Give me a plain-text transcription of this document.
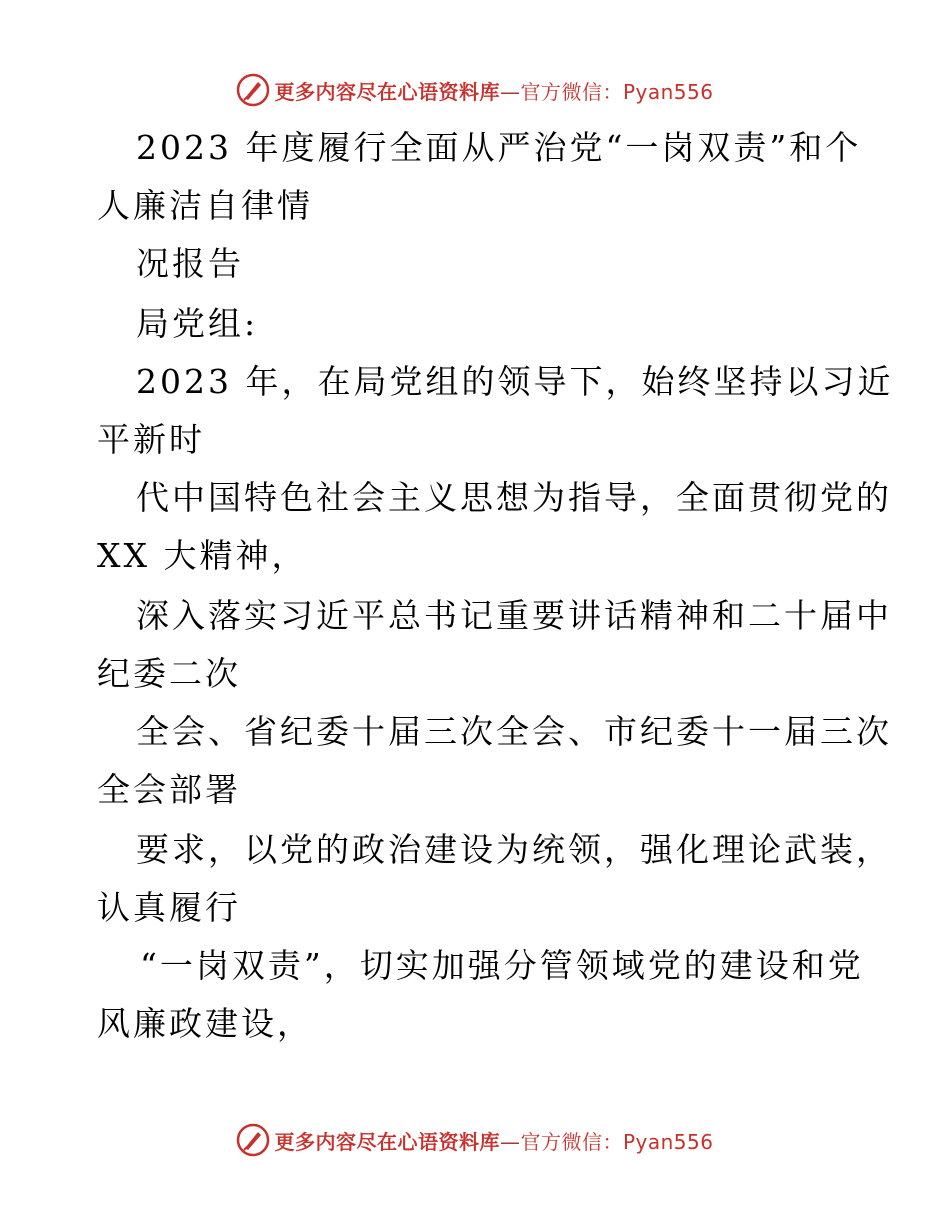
更多内容尽在心语资料库—官方微信：Pyan556
2023 年度履行全面从严治党“一岗双责”和个
人廉洁自律情
况报告
局党组:
2023 年，在局党组的领导下，始终坚持以习近
平新时
代中国特色社会主义思想为指导，全面贯彻党的
XX 大精神，
深入落实习近平总书记重要讲话精神和二十届中
纪委二次
全会、省纪委十届三次全会、市纪委十一届三次
全会部署
要求，以党的政治建设为统领，强化理论武装，
认真履行
“一岗双责”，切实加强分管领域党的建设和党
风廉政建设，
更多内容尽在心语资料库—官方微信：Pyan556
